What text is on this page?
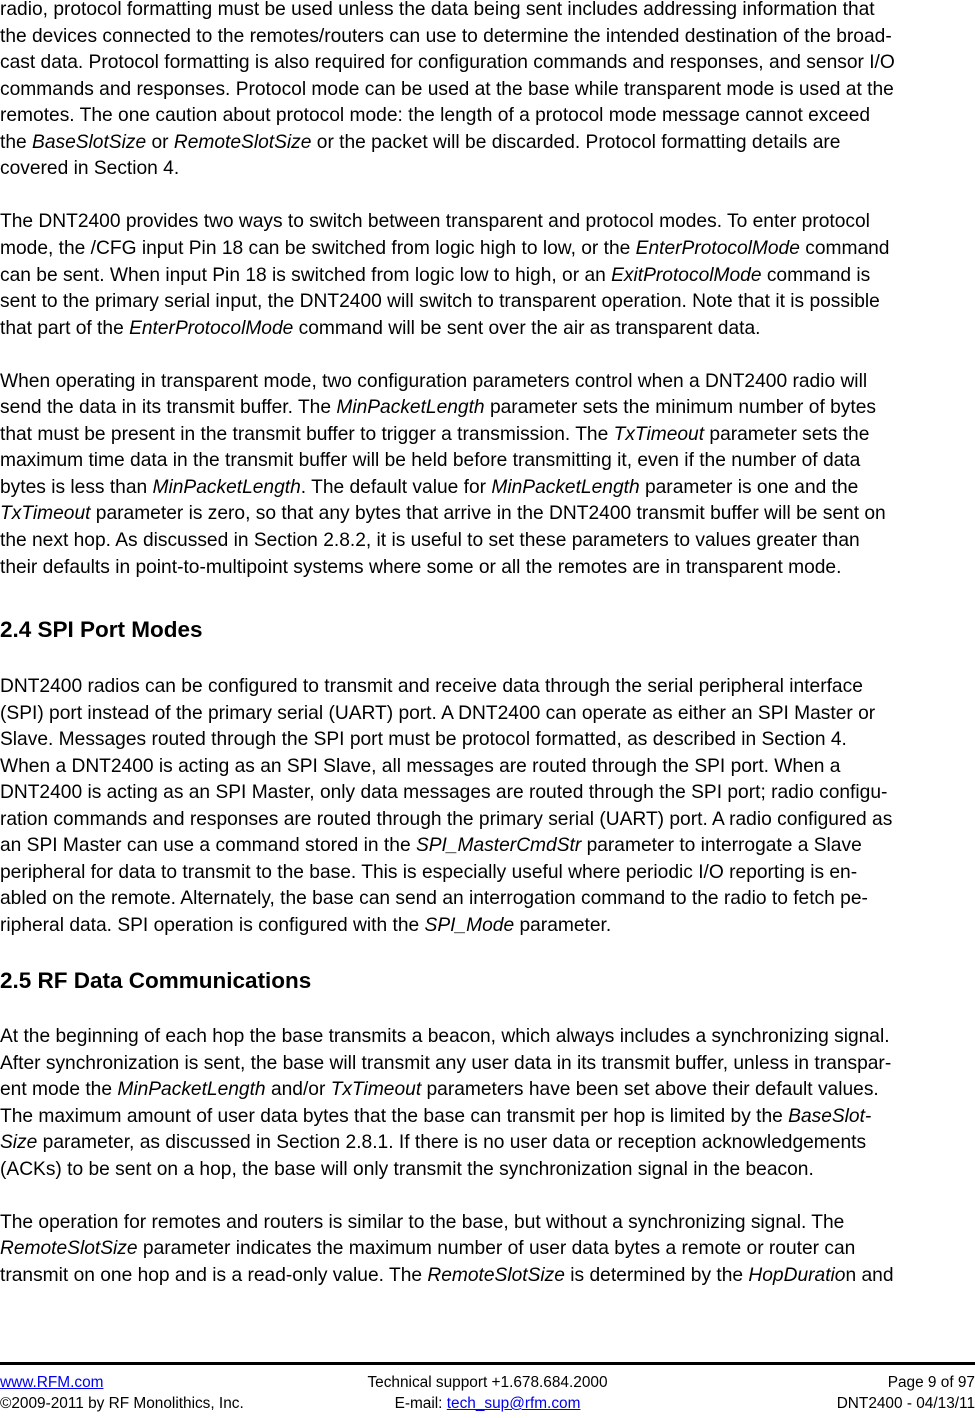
radio, protocol formatting must be used unless the data being sent includes addressing information that
the devices connected to the remotes/routers can use to determine the intended destination of the broad-
cast data. Protocol formatting is also required for configuration commands and responses, and sensor I/O
commands and responses. Protocol mode can be used at the base while transparent mode is used at the
remotes. The one caution about protocol mode: the length of a protocol mode message cannot exceed
the BaseSlotSize or RemoteSlotSize or the packet will be discarded. Protocol formatting details are
covered in Section 4.
The DNT2400 provides two ways to switch between transparent and protocol modes. To enter protocol
mode, the /CFG input Pin 18 can be switched from logic high to low, or the EnterProtocolMode command
can be sent. When input Pin 18 is switched from logic low to high, or an ExitProtocolMode command is
sent to the primary serial input, the DNT2400 will switch to transparent operation. Note that it is possible
that part of the EnterProtocolMode command will be sent over the air as transparent data.
When operating in transparent mode, two configuration parameters control when a DNT2400 radio will
send the data in its transmit buffer. The MinPacketLength parameter sets the minimum number of bytes
that must be present in the transmit buffer to trigger a transmission. The TxTimeout parameter sets the
maximum time data in the transmit buffer will be held before transmitting it, even if the number of data
bytes is less than MinPacketLength. The default value for MinPacketLength parameter is one and the
TxTimeout parameter is zero, so that any bytes that arrive in the DNT2400 transmit buffer will be sent on
the next hop. As discussed in Section 2.8.2, it is useful to set these parameters to values greater than
their defaults in point-to-multipoint systems where some or all the remotes are in transparent mode.
2.4 SPI Port Modes
DNT2400 radios can be configured to transmit and receive data through the serial peripheral interface
(SPI) port instead of the primary serial (UART) port. A DNT2400 can operate as either an SPI Master or
Slave. Messages routed through the SPI port must be protocol formatted, as described in Section 4.
When a DNT2400 is acting as an SPI Slave, all messages are routed through the SPI port. When a
DNT2400 is acting as an SPI Master, only data messages are routed through the SPI port; radio configu-
ration commands and responses are routed through the primary serial (UART) port. A radio configured as
an SPI Master can use a command stored in the SPI_MasterCmdStr parameter to interrogate a Slave
peripheral for data to transmit to the base. This is especially useful where periodic I/O reporting is en-
abled on the remote. Alternately, the base can send an interrogation command to the radio to fetch pe-
ripheral data. SPI operation is configured with the SPI_Mode parameter.
2.5 RF Data Communications
At the beginning of each hop the base transmits a beacon, which always includes a synchronizing signal.
After synchronization is sent, the base will transmit any user data in its transmit buffer, unless in transpar-
ent mode the MinPacketLength and/or TxTimeout parameters have been set above their default values.
The maximum amount of user data bytes that the base can transmit per hop is limited by the BaseSlot-
Size parameter, as discussed in Section 2.8.1. If there is no user data or reception acknowledgements
(ACKs) to be sent on a hop, the base will only transmit the synchronization signal in the beacon.
The operation for remotes and routers is similar to the base, but without a synchronizing signal. The
RemoteSlotSize parameter indicates the maximum number of user data bytes a remote or router can
transmit on one hop and is a read-only value. The RemoteSlotSize is determined by the HopDuration and
www.RFM.com
©2009-2011 by RF Monolithics, Inc.
Technical support +1.678.684.2000
E-mail: tech_sup@rfm.com
Page 9 of 97
DNT2400 - 04/13/11
